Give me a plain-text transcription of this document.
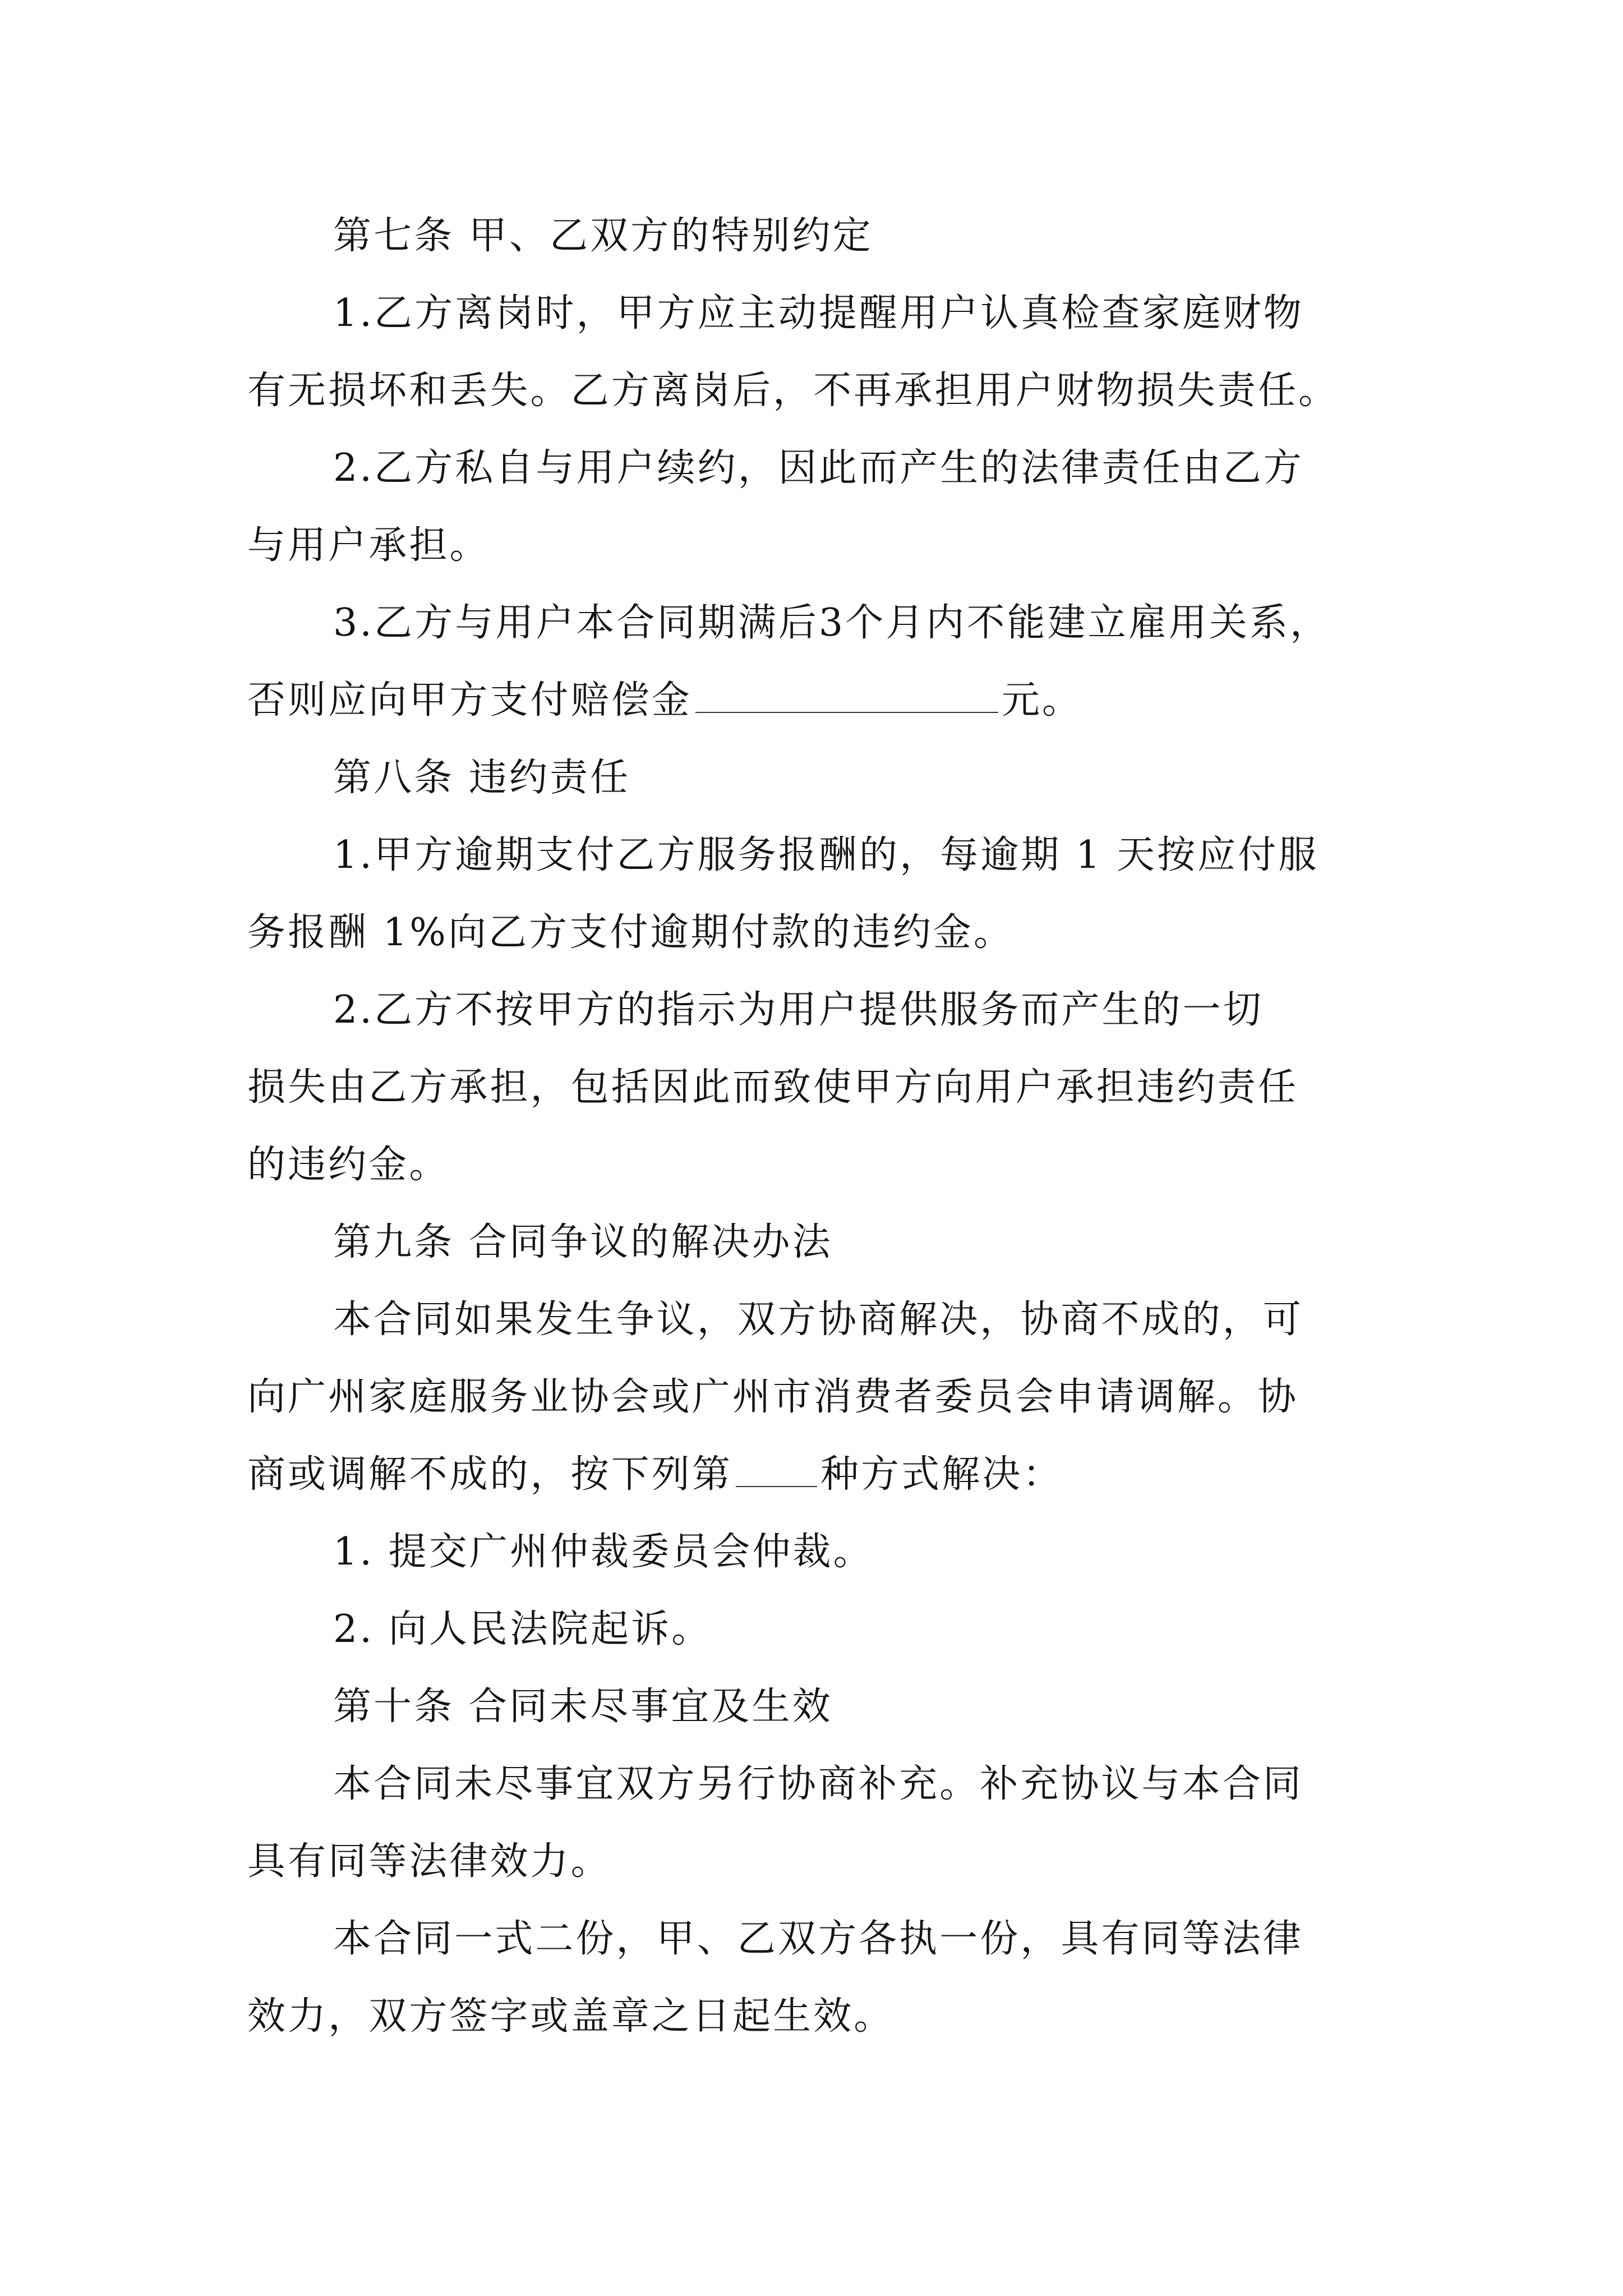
第七条 甲、乙双方的特别约定
1.乙方离岗时，甲方应主动提醒用户认真检查家庭财物
有无损坏和丢失。乙方离岗后，不再承担用户财物损失责任。
2.乙方私自与用户续约，因此而产生的法律责任由乙方
与用户承担。
3.乙方与用户本合同期满后3个月内不能建立雇用关系，
否则应向甲方支付赔偿金	元。
第八条 违约责任
1.甲方逾期支付乙方服务报酬的，每逾期 1 天按应付服
务报酬 1%向乙方支付逾期付款的违约金。
2.乙方不按甲方的指示为用户提供服务而产生的一切
损失由乙方承担，包括因此而致使甲方向用户承担违约责任
的违约金。
第九条 合同争议的解决办法
本合同如果发生争议，双方协商解决，协商不成的，可
向广州家庭服务业协会或广州市消费者委员会申请调解。协
商或调解不成的，按下列第 种方式解决：
1. 提交广州仲裁委员会仲裁。
2. 向人民法院起诉。
第十条 合同未尽事宜及生效
本合同未尽事宜双方另行协商补充。补充协议与本合同
具有同等法律效力。
本合同一式二份，甲、乙双方各执一份，具有同等法律
效力，双方签字或盖章之日起生效。
